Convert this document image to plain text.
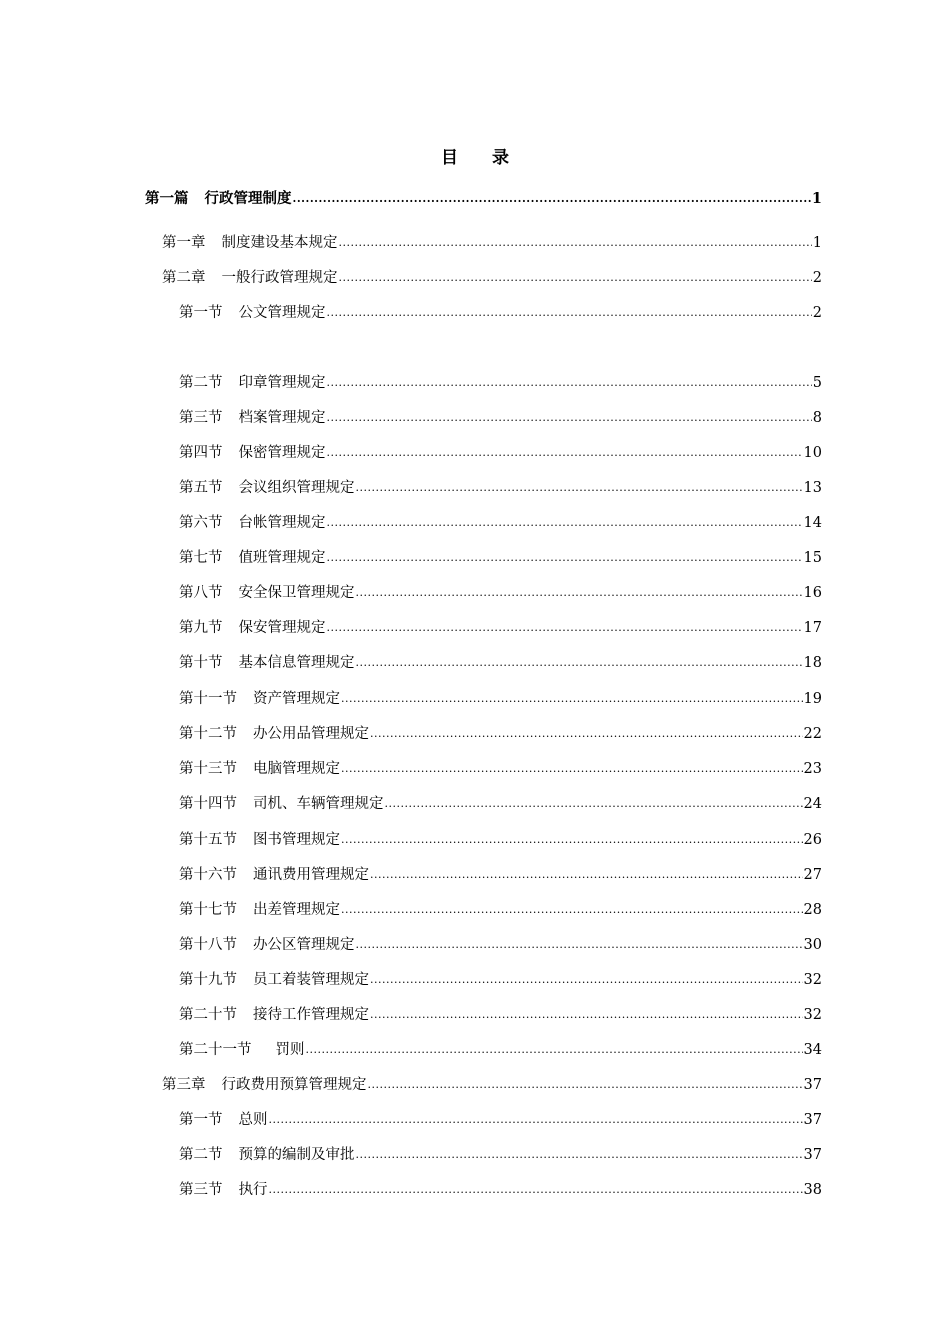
目 录
第一篇 行政管理制度 .....	1
第一章 制度建设基本规定 .....	1
第二章 一般行政管理规定 .....	2
第一节 公文管理规定 .....	2
第二节 印章管理规定 .....	5
第三节 档案管理规定 .....	8
第四节 保密管理规定 .....	10
第五节 会议组织管理规定 .....	13
第六节 台帐管理规定 .....	14
第七节 值班管理规定 .....	15
第八节 安全保卫管理规定 .....	16
第九节 保安管理规定 .....	17
第十节 基本信息管理规定 .....	18
第十一节 资产管理规定 .....	19
第十二节 办公用品管理规定 .....	22
第十三节 电脑管理规定 .....	23
第十四节 司机、车辆管理规定 .....	24
第十五节 图书管理规定 .....	26
第十六节 通讯费用管理规定 .....	27
第十七节 出差管理规定 .....	28
第十八节 办公区管理规定 .....	30
第十九节 员工着装管理规定 .....	32
第二十节 接待工作管理规定 .....	32
第二十一节 罚则 .....	34
第三章 行政费用预算管理规定 .....	37
第一节 总则 .....	37
第二节 预算的编制及审批 .....	37
第三节 执行 .....	38
